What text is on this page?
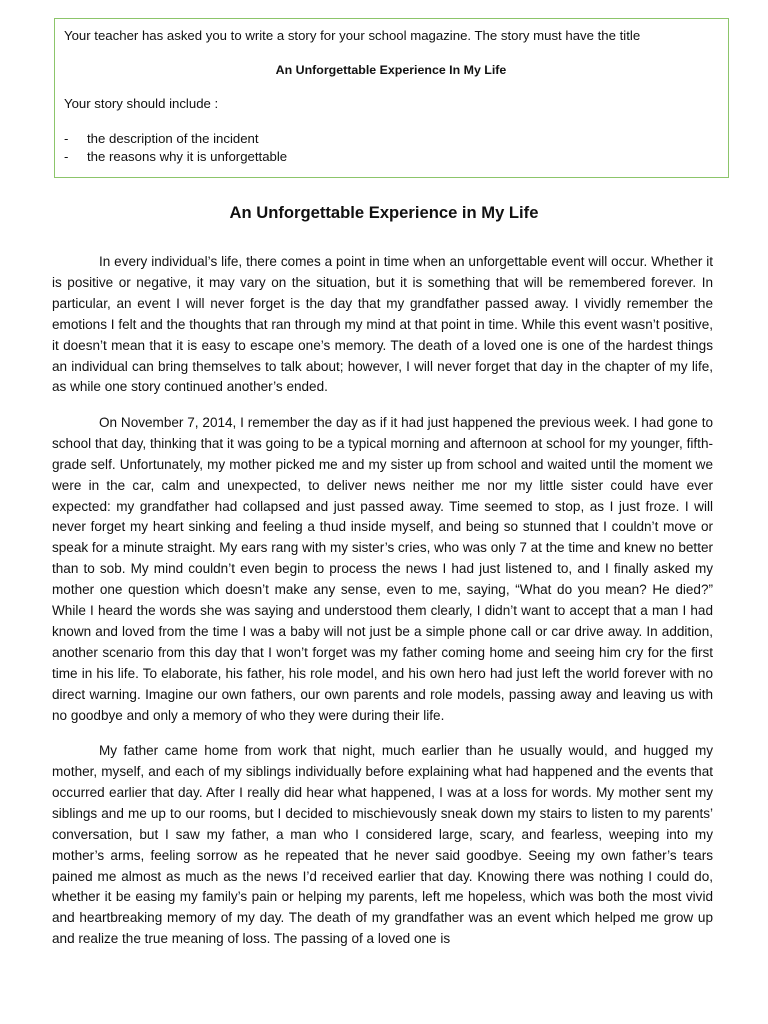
Your teacher has asked you to write a story for your school magazine. The story must have the title

An Unforgettable Experience In My Life

Your story should include :

-	the description of the incident
-	the reasons why it is unforgettable
An Unforgettable Experience in My Life

In every individual’s life, there comes a point in time when an unforgettable event will occur. Whether it is positive or negative, it may vary on the situation, but it is something that will be remembered forever. In particular, an event I will never forget is the day that my grandfather passed away. I vividly remember the emotions I felt and the thoughts that ran through my mind at that point in time. While this event wasn’t positive, it doesn’t mean that it is easy to escape one’s memory. The death of a loved one is one of the hardest things an individual can bring themselves to talk about; however, I will never forget that day in the chapter of my life, as while one story continued another’s ended.

On November 7, 2014, I remember the day as if it had just happened the previous week. I had gone to school that day, thinking that it was going to be a typical morning and afternoon at school for my younger, fifth-grade self. Unfortunately, my mother picked me and my sister up from school and waited until the moment we were in the car, calm and unexpected, to deliver news neither me nor my little sister could have ever expected: my grandfather had collapsed and just passed away. Time seemed to stop, as I just froze. I will never forget my heart sinking and feeling a thud inside myself, and being so stunned that I couldn’t move or speak for a minute straight. My ears rang with my sister’s cries, who was only 7 at the time and knew no better than to sob. My mind couldn’t even begin to process the news I had just listened to, and I finally asked my mother one question which doesn’t make any sense, even to me, saying, “What do you mean? He died?” While I heard the words she was saying and understood them clearly, I didn’t want to accept that a man I had known and loved from the time I was a baby will not just be a simple phone call or car drive away. In addition, another scenario from this day that I won’t forget was my father coming home and seeing him cry for the first time in his life. To elaborate, his father, his role model, and his own hero had just left the world forever with no direct warning. Imagine our own fathers, our own parents and role models, passing away and leaving us with no goodbye and only a memory of who they were during their life.

My father came home from work that night, much earlier than he usually would, and hugged my mother, myself, and each of my siblings individually before explaining what had happened and the events that occurred earlier that day. After I really did hear what happened, I was at a loss for words. My mother sent my siblings and me up to our rooms, but I decided to mischievously sneak down my stairs to listen to my parents’ conversation, but I saw my father, a man who I considered large, scary, and fearless, weeping into my mother’s arms, feeling sorrow as he repeated that he never said goodbye. Seeing my own father’s tears pained me almost as much as the news I’d received earlier that day. Knowing there was nothing I could do, whether it be easing my family’s pain or helping my parents, left me hopeless, which was both the most vivid and heartbreaking memory of my day. The death of my grandfather was an event which helped me grow up and realize the true meaning of loss. The passing of a loved one is
